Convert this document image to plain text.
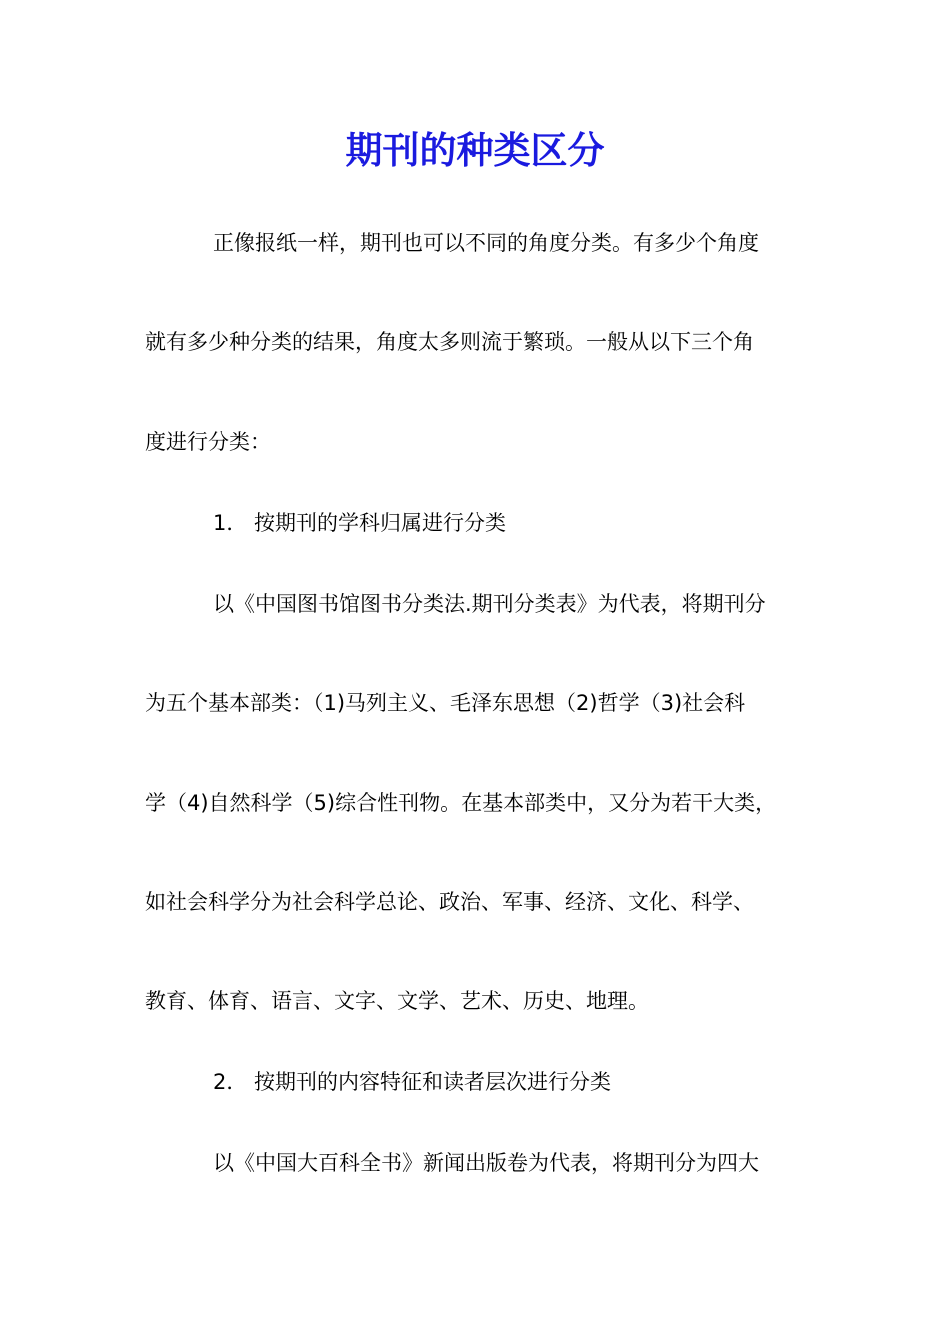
期刊的种类区分

正像报纸一样，期刊也可以不同的角度分类。有多少个角度

就有多少种分类的结果，角度太多则流于繁琐。一般从以下三个角

度进行分类：

1． 按期刊的学科归属进行分类

以《中国图书馆图书分类法.期刊分类表》为代表，将期刊分

为五个基本部类：（1)马列主义、毛泽东思想（2)哲学（3)社会科

学（4)自然科学（5)综合性刊物。在基本部类中，又分为若干大类，

如社会科学分为社会科学总论、政治、军事、经济、文化、科学、

教育、体育、语言、文字、文学、艺术、历史、地理。

2． 按期刊的内容特征和读者层次进行分类

以《中国大百科全书》新闻出版卷为代表，将期刊分为四大
